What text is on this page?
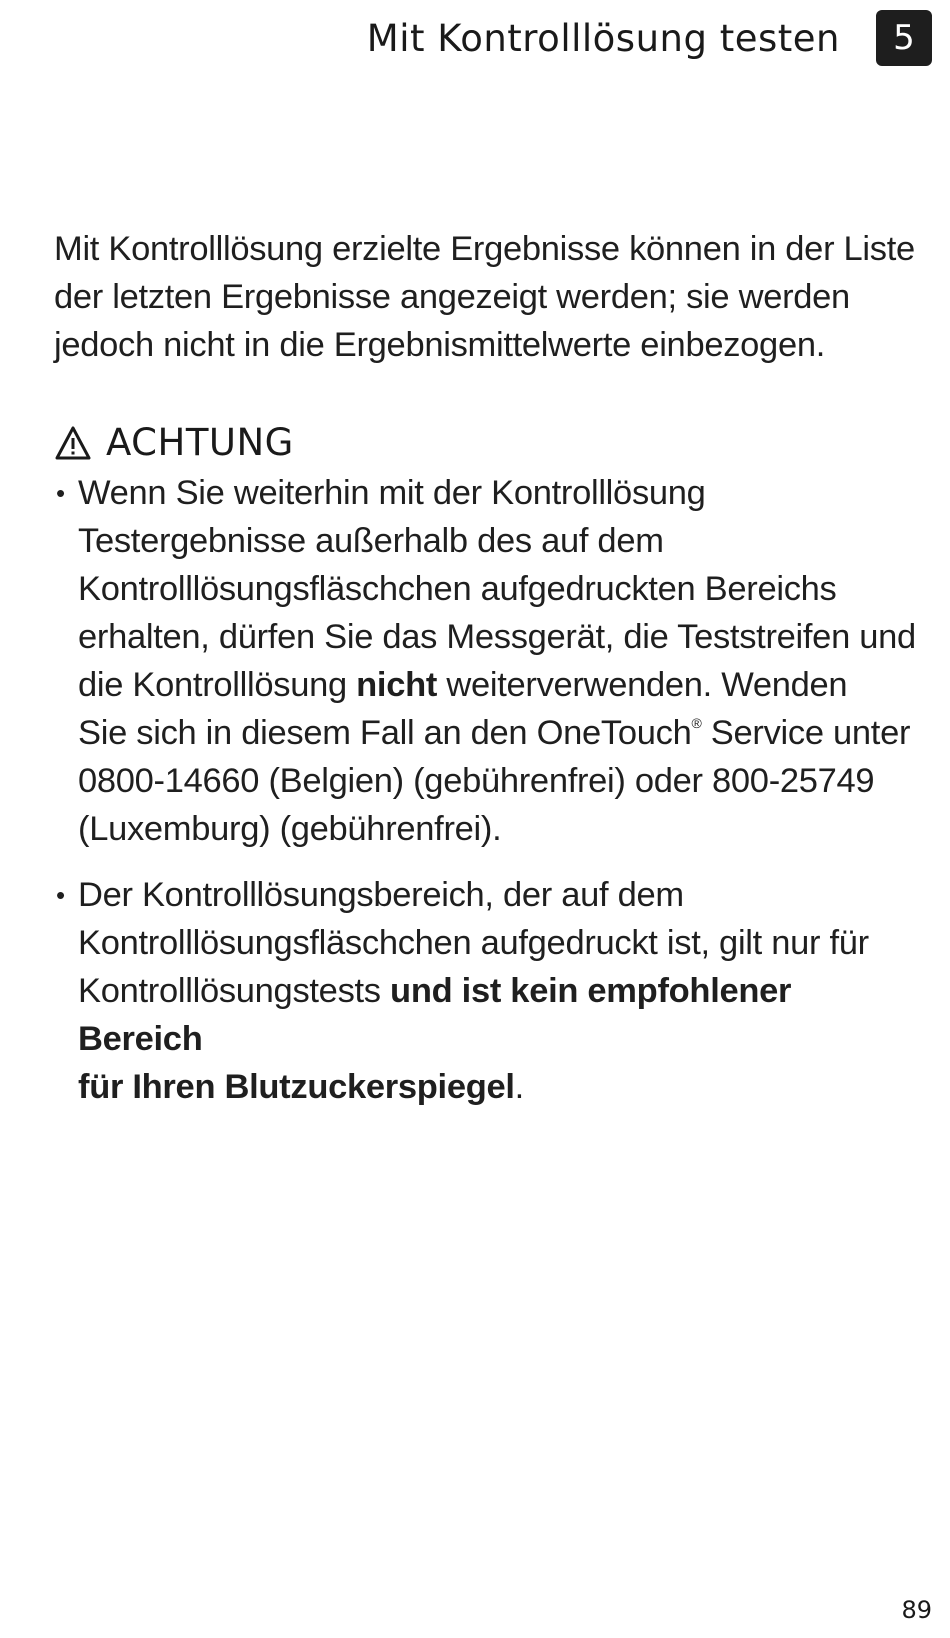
Mit Kontrolllösung testen	5

Mit Kontrolllösung erzielte Ergebnisse können in der Liste
der letzten Ergebnisse angezeigt werden; sie werden
jedoch nicht in die Ergebnismittelwerte einbezogen.

ACHTUNG
• Wenn Sie weiterhin mit der Kontrolllösung
Testergebnisse außerhalb des auf dem
Kontrolllösungsfläschchen aufgedruckten Bereichs
erhalten, dürfen Sie das Messgerät, die Teststreifen und
die Kontrolllösung nicht weiterverwenden. Wenden
Sie sich in diesem Fall an den OneTouch® Service unter
0800-14660 (Belgien) (gebührenfrei) oder 800-25749
(Luxemburg) (gebührenfrei).
• Der Kontrolllösungsbereich, der auf dem
Kontrolllösungsfläschchen aufgedruckt ist, gilt nur für
Kontrolllösungstests und ist kein empfohlener Bereich
für Ihren Blutzuckerspiegel.
89
